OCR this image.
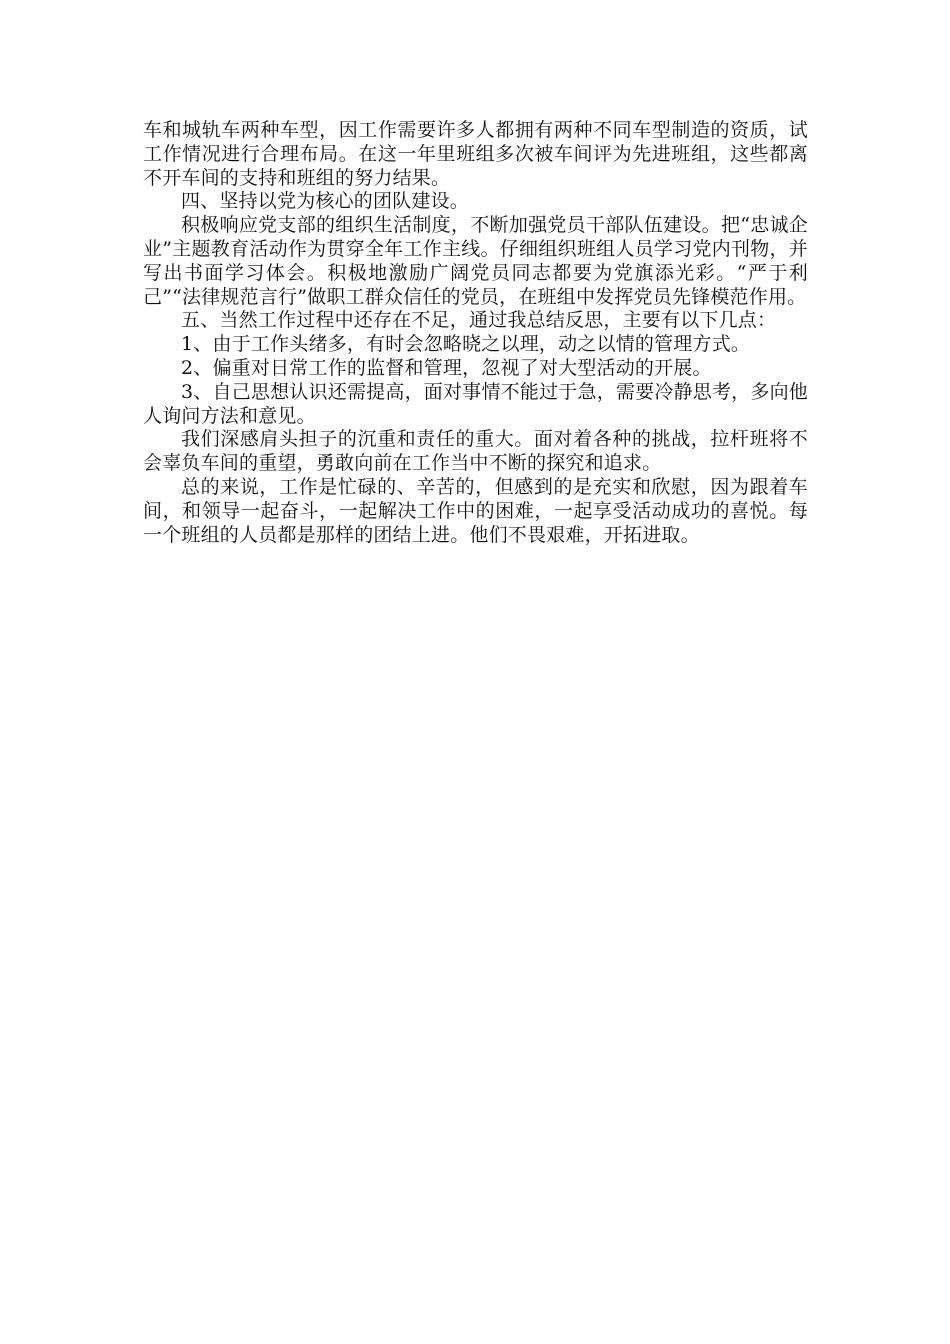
车和城轨车两种车型，因工作需要许多人都拥有两种不同车型制造的资质，试工作情况进行合理布局。在这一年里班组多次被车间评为先进班组，这些都离不开车间的支持和班组的努力结果。

四、坚持以党为核心的团队建设。

积极响应党支部的组织生活制度，不断加强党员干部队伍建设。把“忠诚企业”主题教育活动作为贯穿全年工作主线。仔细组织班组人员学习党内刊物，并写出书面学习体会。积极地激励广阔党员同志都要为党旗添光彩。“严于利己”“法律规范言行”做职工群众信任的党员，在班组中发挥党员先锋模范作用。

五、当然工作过程中还存在不足，通过我总结反思，主要有以下几点：

1、由于工作头绪多，有时会忽略晓之以理，动之以情的管理方式。

2、偏重对日常工作的监督和管理，忽视了对大型活动的开展。

3、自己思想认识还需提高，面对事情不能过于急，需要冷静思考，多向他人询问方法和意见。

我们深感肩头担子的沉重和责任的重大。面对着各种的挑战，拉杆班将不会辜负车间的重望，勇敢向前在工作当中不断的探究和追求。

总的来说，工作是忙碌的、辛苦的，但感到的是充实和欣慰，因为跟着车间，和领导一起奋斗，一起解决工作中的困难，一起享受活动成功的喜悦。每一个班组的人员都是那样的团结上进。他们不畏艰难，开拓进取。
